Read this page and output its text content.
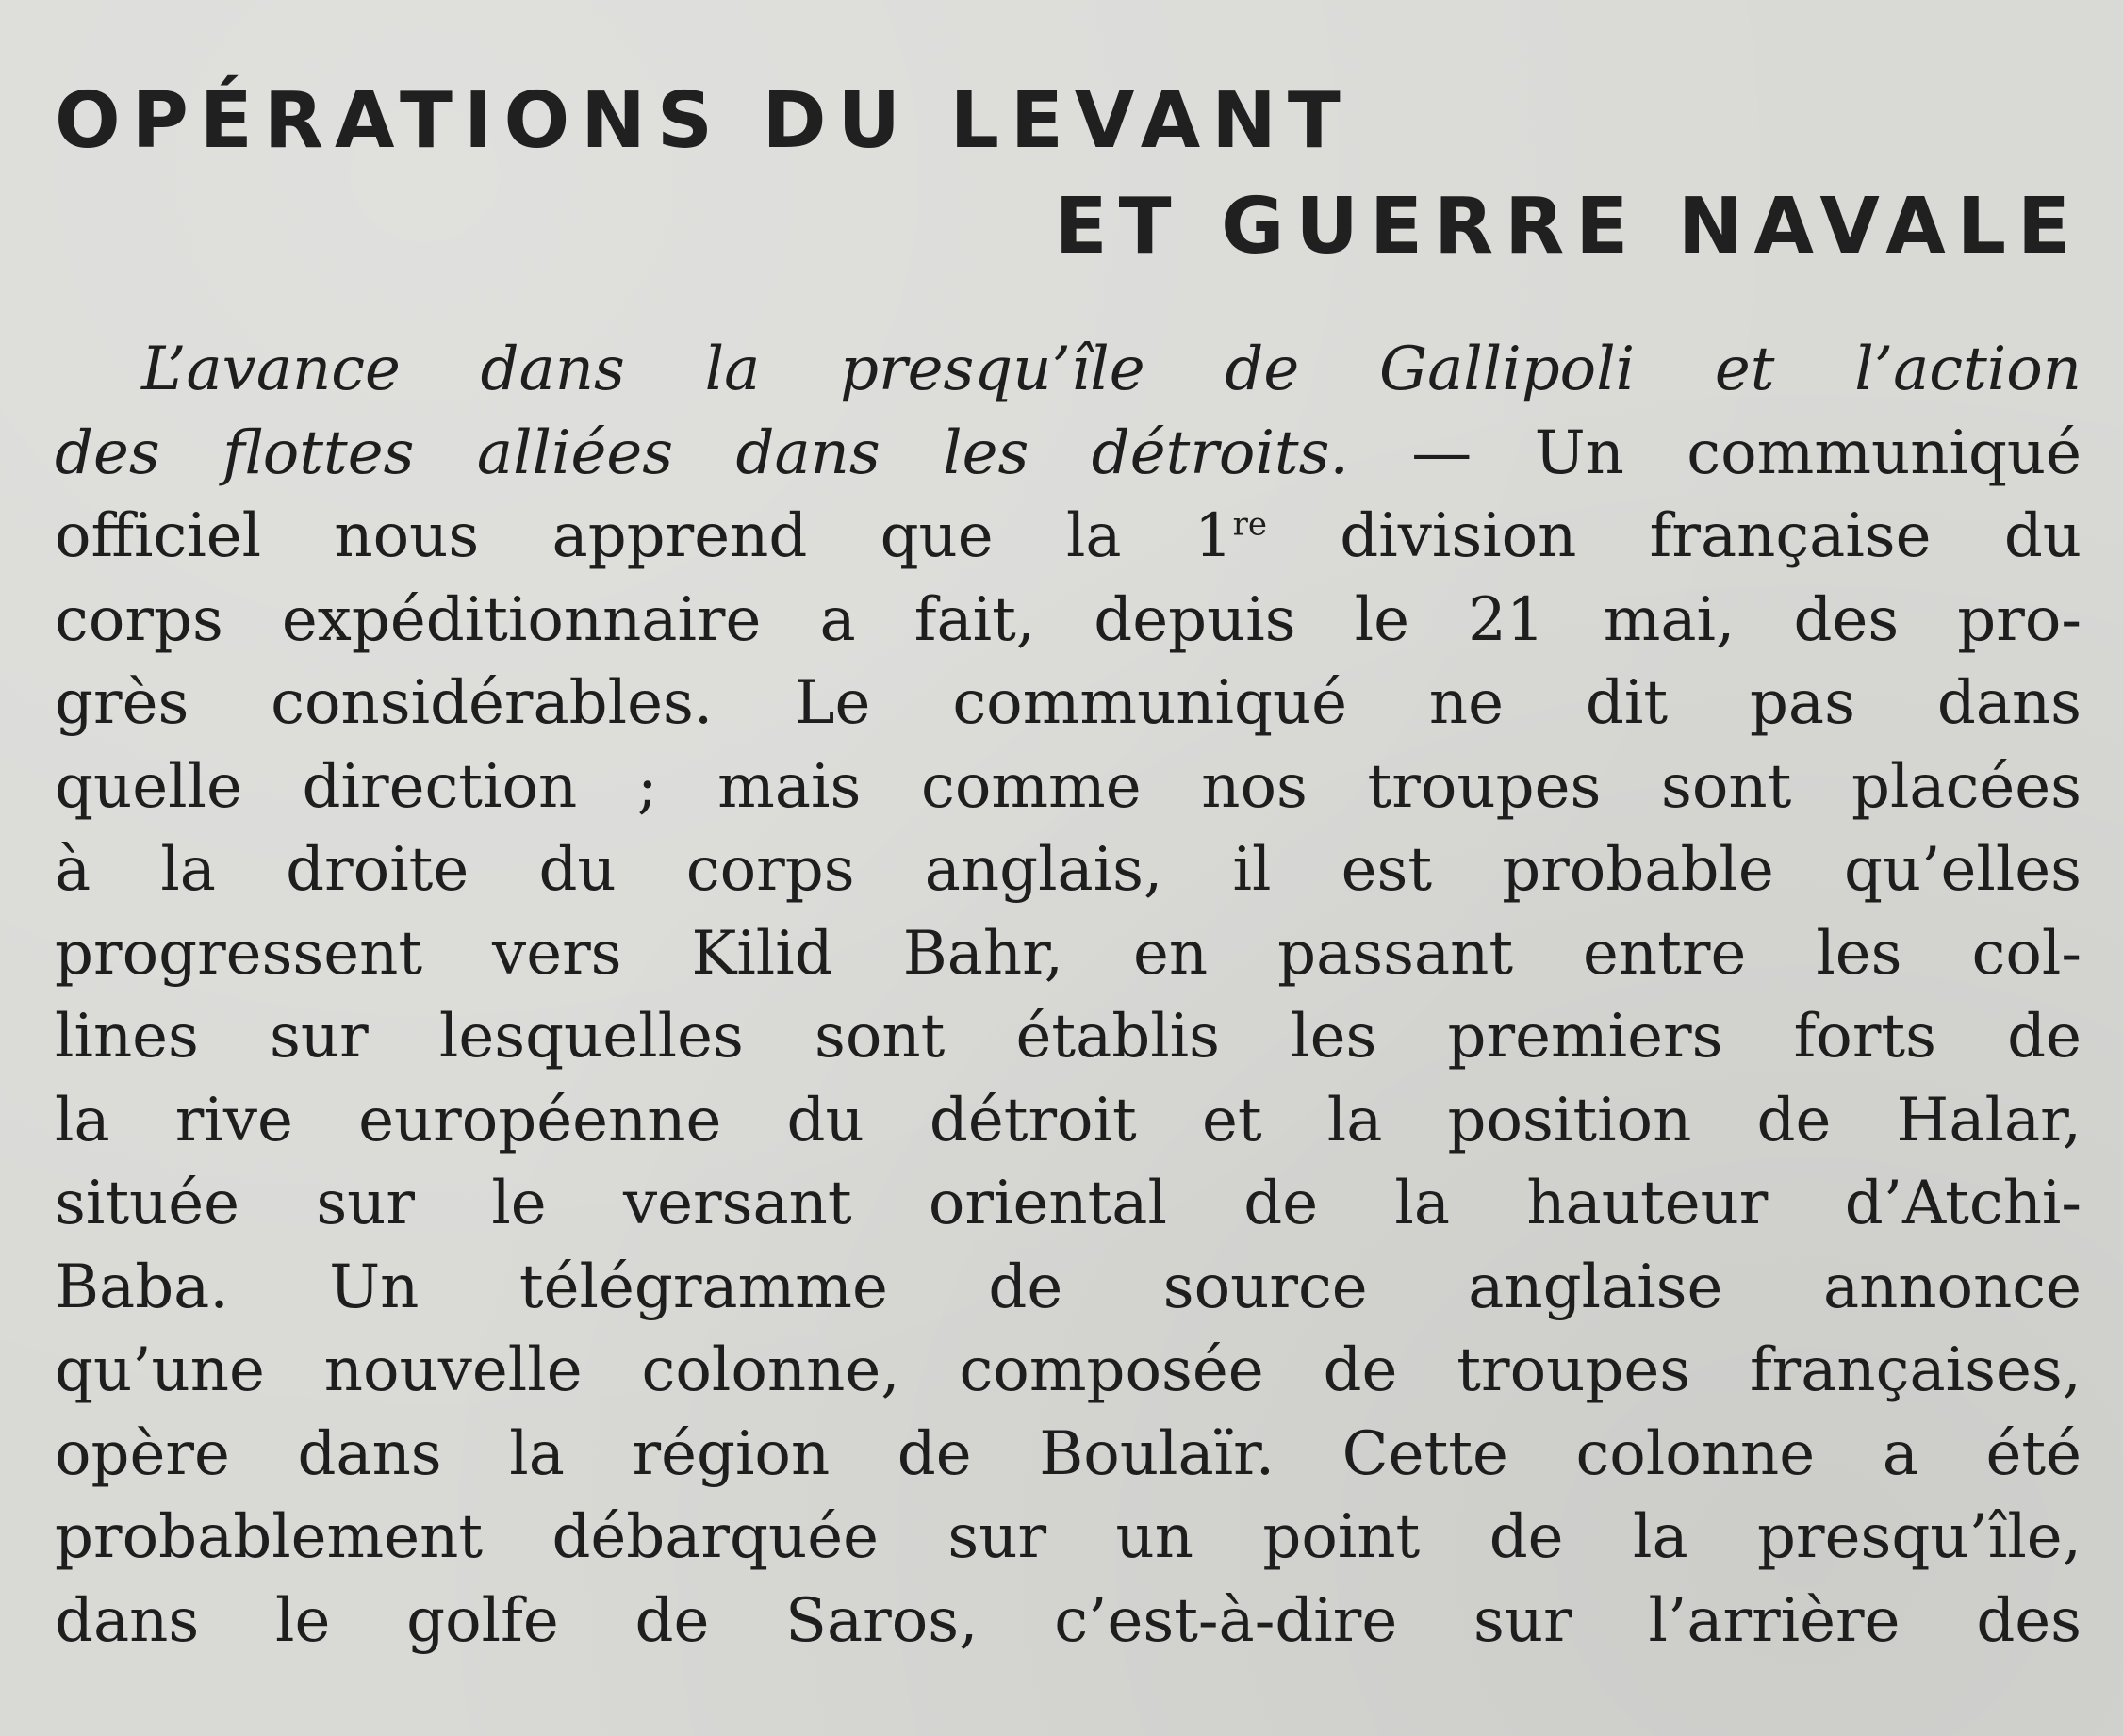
OPÉRATIONS DU LEVANT
ET GUERRE NAVALE
L’avance dans la presqu’île de Gallipoli et l’action
des flottes alliées dans les détroits. — Un communiqué
officiel nous apprend que la 1re division française du
corps expéditionnaire a fait, depuis le 21 mai, des pro-
grès considérables. Le communiqué ne dit pas dans
quelle direction ; mais comme nos troupes sont placées
à la droite du corps anglais, il est probable qu’elles
progressent vers Kilid Bahr, en passant entre les col-
lines sur lesquelles sont établis les premiers forts de
la rive européenne du détroit et la position de Halar,
située sur le versant oriental de la hauteur d’Atchi-
Baba. Un télégramme de source anglaise annonce
qu’une nouvelle colonne, composée de troupes françaises,
opère dans la région de Boulaïr. Cette colonne a été
probablement débarquée sur un point de la presqu’île,
dans le golfe de Saros, c’est-à-dire sur l’arrière des
